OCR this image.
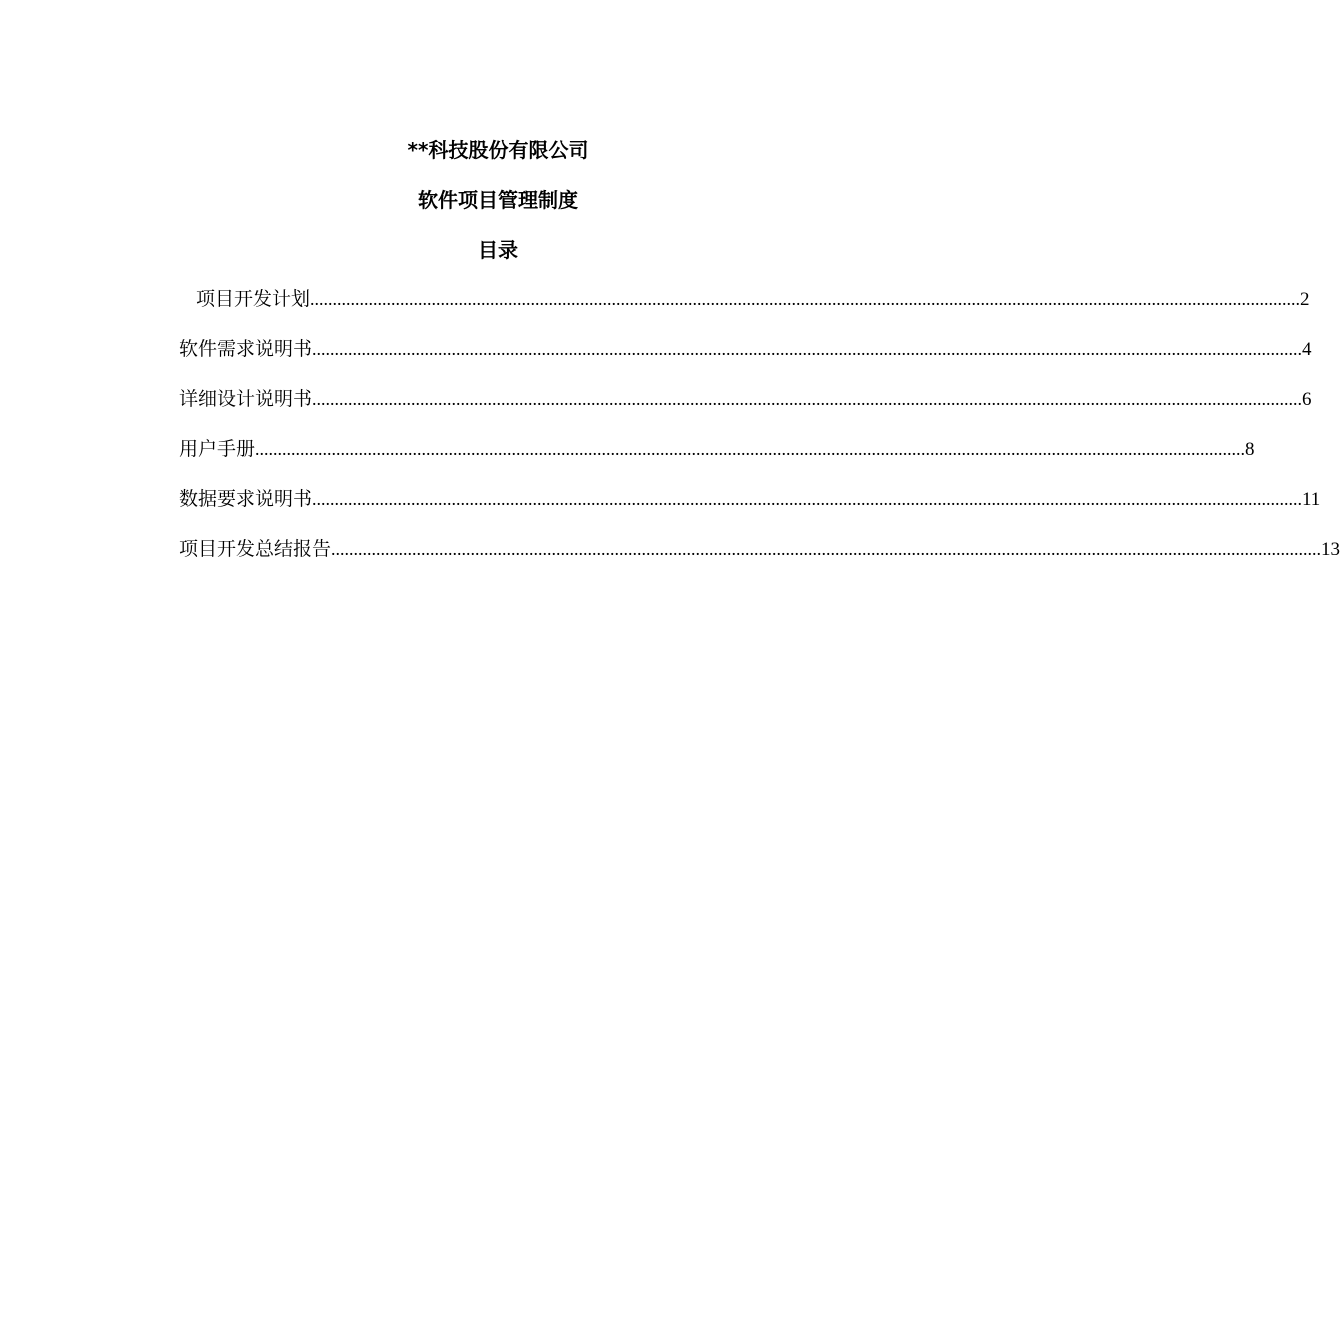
**科技股份有限公司
软件项目管理制度
目录
项目开发计划 ............................................................................................................................................................................................................................ 2
软件需求说明书 ............................................................................................................................................................................................................................ 4
详细设计说明书 ............................................................................................................................................................................................................................ 6
用户手册 ............................................................................................................................................................................................................................ 8
数据要求说明书 ............................................................................................................................................................................................................................ 11
项目开发总结报告 ............................................................................................................................................................................................................................ 13
